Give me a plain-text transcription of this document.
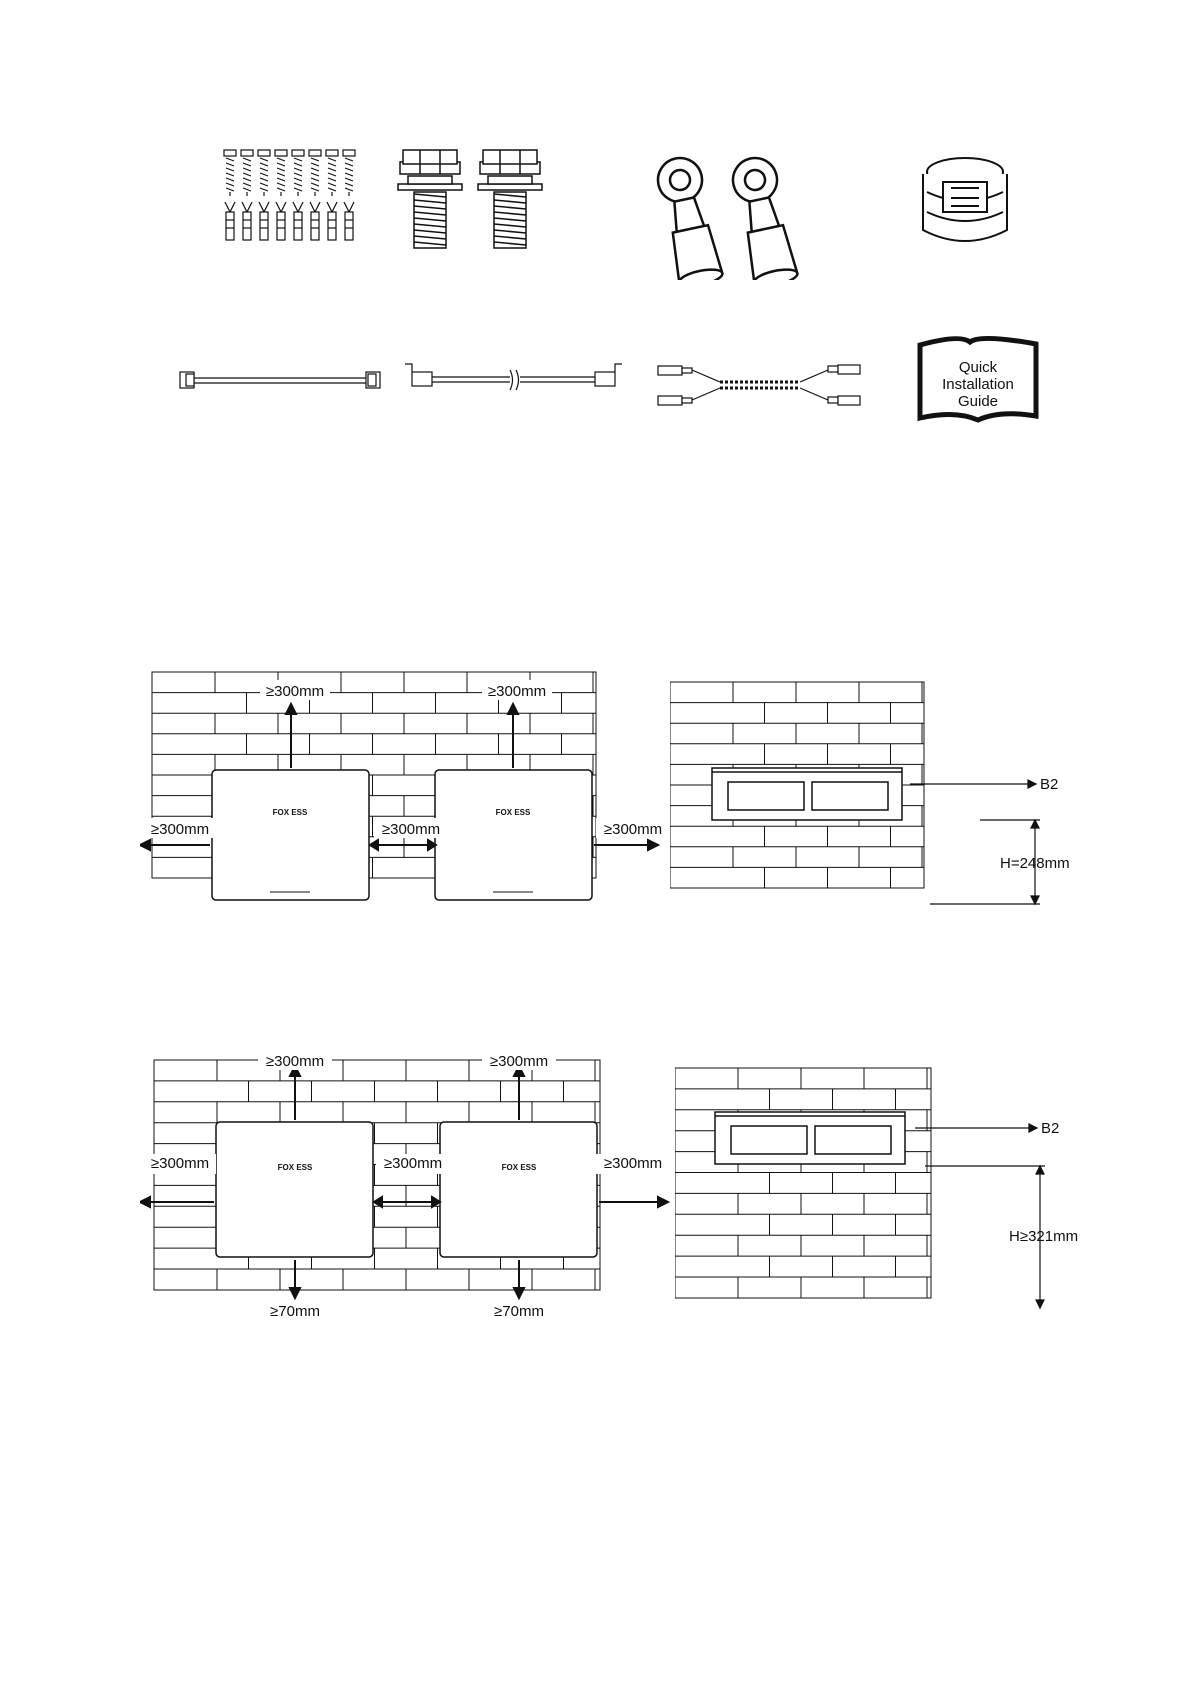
Quick
Installation
Guide
FOX ESS	FOX ESS
≥300mm	≥300mm
≥300mm	≥300mm	≥300mm
B2
H=248mm
FOX ESS	FOX ESS
≥300mm	≥300mm
≥70mm	≥70mm
≥300mm	≥300mm	≥300mm
B2
H≥321mm
